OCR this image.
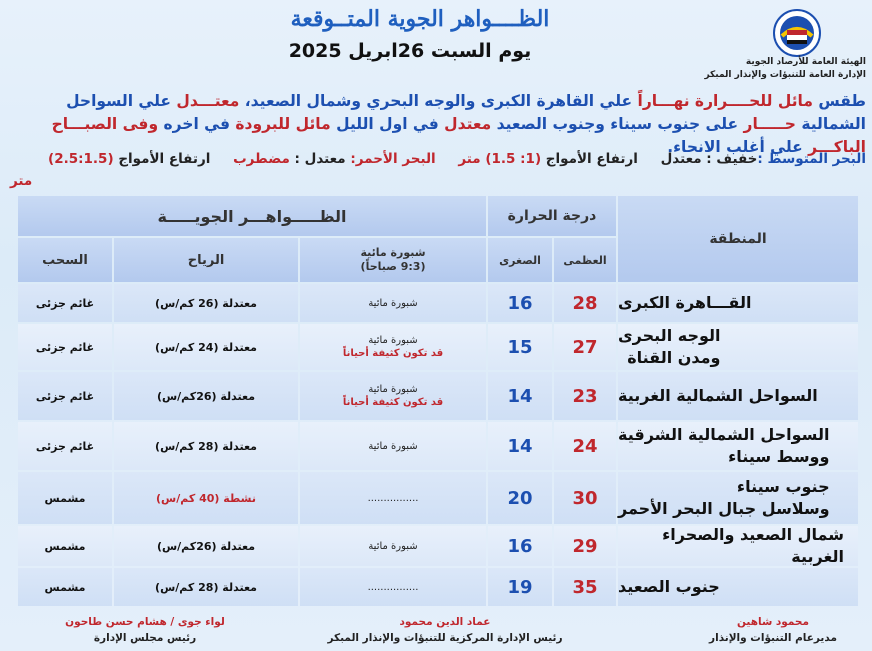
الظــــواهر الجوية المتــوقعة
يوم السبت 26ابريل 2025	الهيئة العامة للأرصاد الجوية
الإدارة العامة للتنبؤات والإنذار المبكر
طقس مائل للحــــرارة نهـــاراً علي القاهرة الكبرى والوجه البحري وشمال الصعيد، معتـــدل علي السواحل الشمالية حـــــار على جنوب سيناء وجنوب الصعيد معتدل في اول الليل مائل للبرودة في اخره وفى الصبـــاح الباكـــر علي أغلب الانحاء.
البحر المتوسط :خفيف : معتدل ارتفاع الأمواج (1: 1.5) متر البحر الأحمر: معتدل : مضطرب ارتفاع الأمواج (2.5:1.5)

متر
المنطقة
درجة الحرارة
العظمى
الصغرى
الظـــــواهـــر الجويـــــة
شبورة مائية
(9:3 صباحاً)
الرياح
السحب
القـــاهرة الكبرى
28
16
شبورة مائية
معتدلة (26 كم/س)
غائم جزئى
الوجه البحرى
ومدن القناة
27
15
شبورة مائية
قد تكون كثيفة أحياناً
معتدلة (24 كم/س)
غائم جزئى
السواحل الشمالية الغربية
23
14
شبورة مائية
قد تكون كثيفة أحياناً
معتدلة (26كم/س)
غائم جزئى
السواحل الشمالية الشرقية
ووسط سيناء
24
14
شبورة مائية
معتدلة (28 كم/س)
غائم جزئى
جنوب سيناء
وسلاسل جبال البحر الأحمر
30
20
................
نشطة (40 كم/س)
مشمس
شمال الصعيد والصحراء الغربية
29
16
شبورة مائية
معتدلة (26كم/س)
مشمس
جنوب الصعيد
35
19
................
معتدلة (28 كم/س)
مشمس
محمود شاهين
مديرعام التنبؤات والإنذار
عماد الدين محمود
رئيس الإدارة المركزية للتنبؤات والإنذار المبكر
لواء جوى / هشام حسن طاحون
رئيس مجلس الإدارة
